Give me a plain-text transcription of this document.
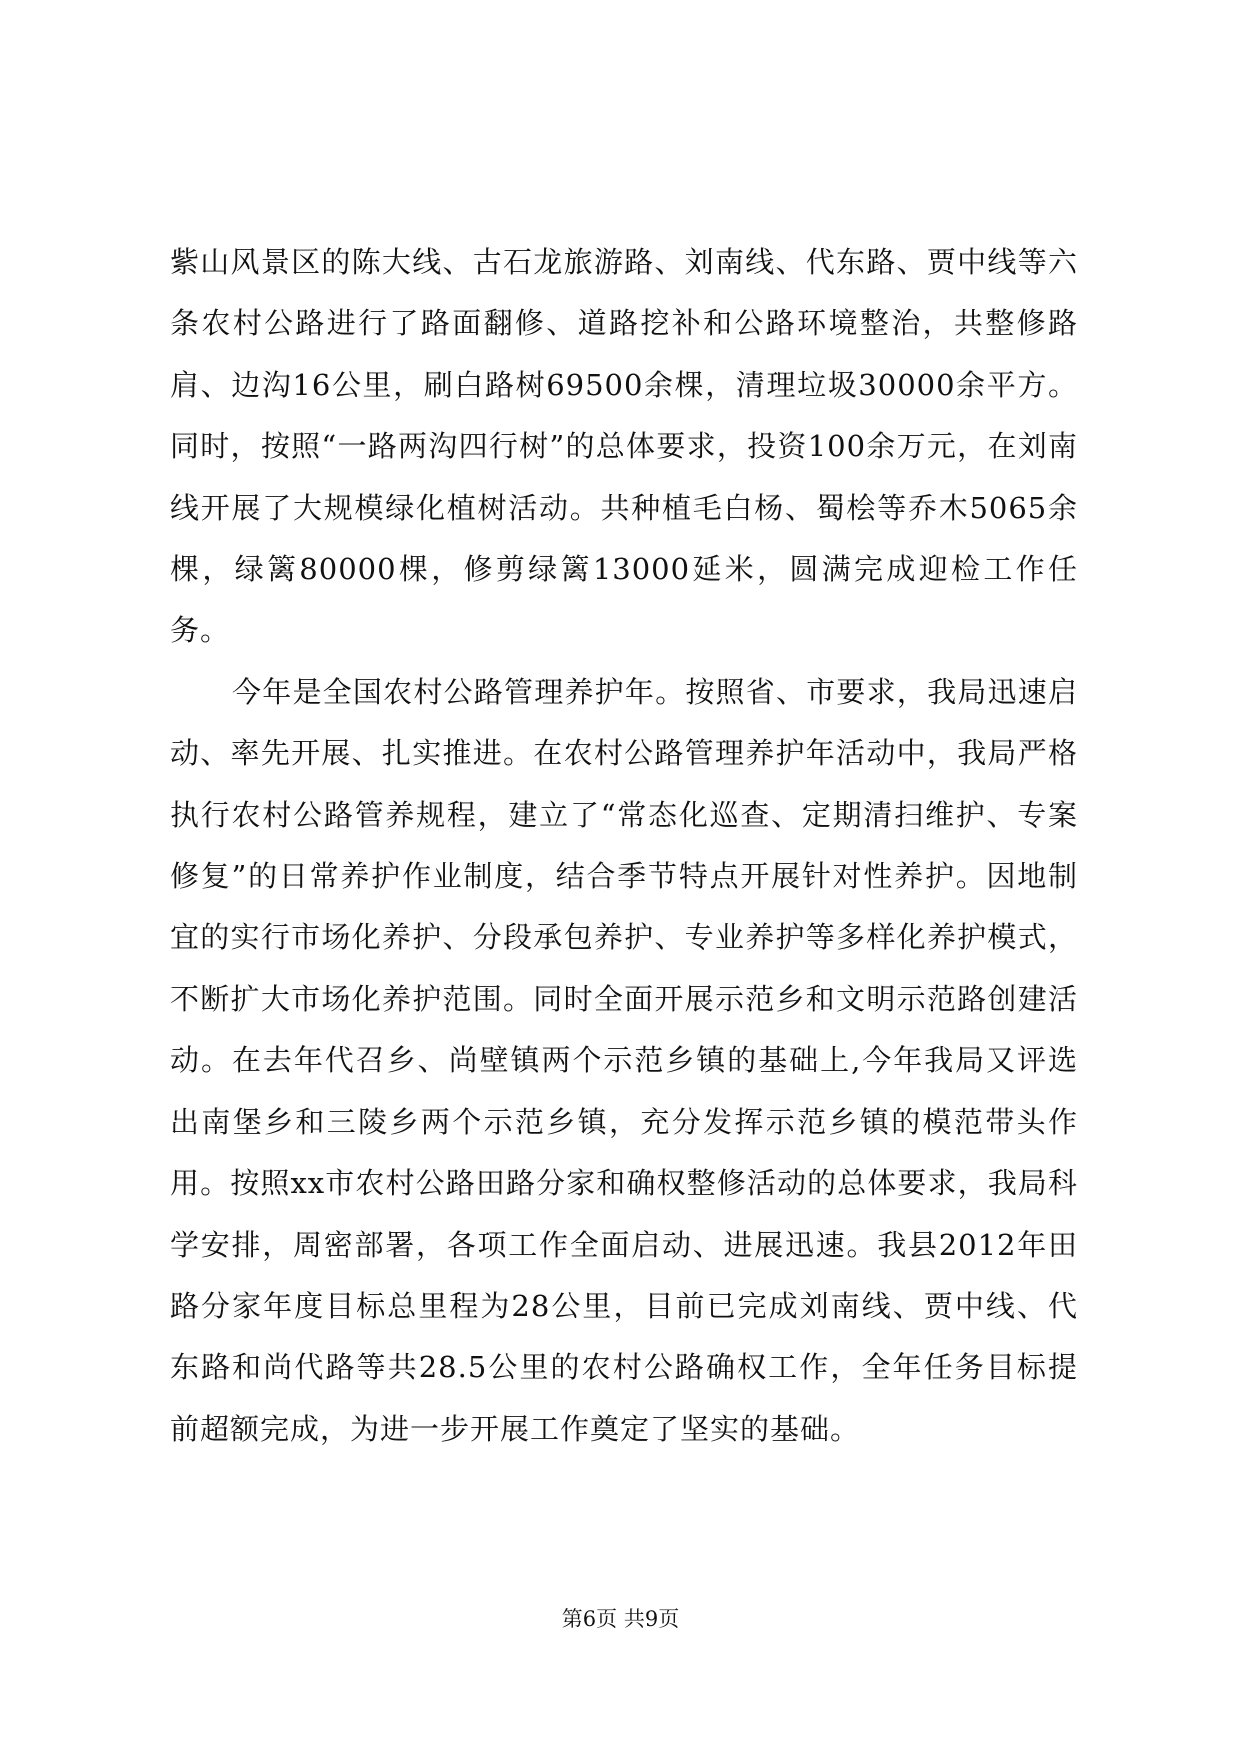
紫山风景区的陈大线、古石龙旅游路、刘南线、代东路、贾中线等六条农村公路进行了路面翻修、道路挖补和公路环境整治，共整修路肩、边沟16公里，刷白路树69500余棵，清理垃圾30000余平方。同时，按照“一路两沟四行树”的总体要求，投资100余万元，在刘南线开展了大规模绿化植树活动。共种植毛白杨、蜀桧等乔木5065余棵，绿篱80000棵，修剪绿篱13000延米，圆满完成迎检工作任务。

今年是全国农村公路管理养护年。按照省、市要求，我局迅速启动、率先开展、扎实推进。在农村公路管理养护年活动中，我局严格执行农村公路管养规程，建立了“常态化巡查、定期清扫维护、专案修复”的日常养护作业制度，结合季节特点开展针对性养护。因地制宜的实行市场化养护、分段承包养护、专业养护等多样化养护模式，不断扩大市场化养护范围。同时全面开展示范乡和文明示范路创建活动。在去年代召乡、尚壁镇两个示范乡镇的基础上,今年我局又评选出南堡乡和三陵乡两个示范乡镇，充分发挥示范乡镇的模范带头作用。按照xx市农村公路田路分家和确权整修活动的总体要求，我局科学安排，周密部署，各项工作全面启动、进展迅速。我县2012年田路分家年度目标总里程为28公里，目前已完成刘南线、贾中线、代东路和尚代路等共28.5公里的农村公路确权工作，全年任务目标提前超额完成，为进一步开展工作奠定了坚实的基础。

第6页 共9页
